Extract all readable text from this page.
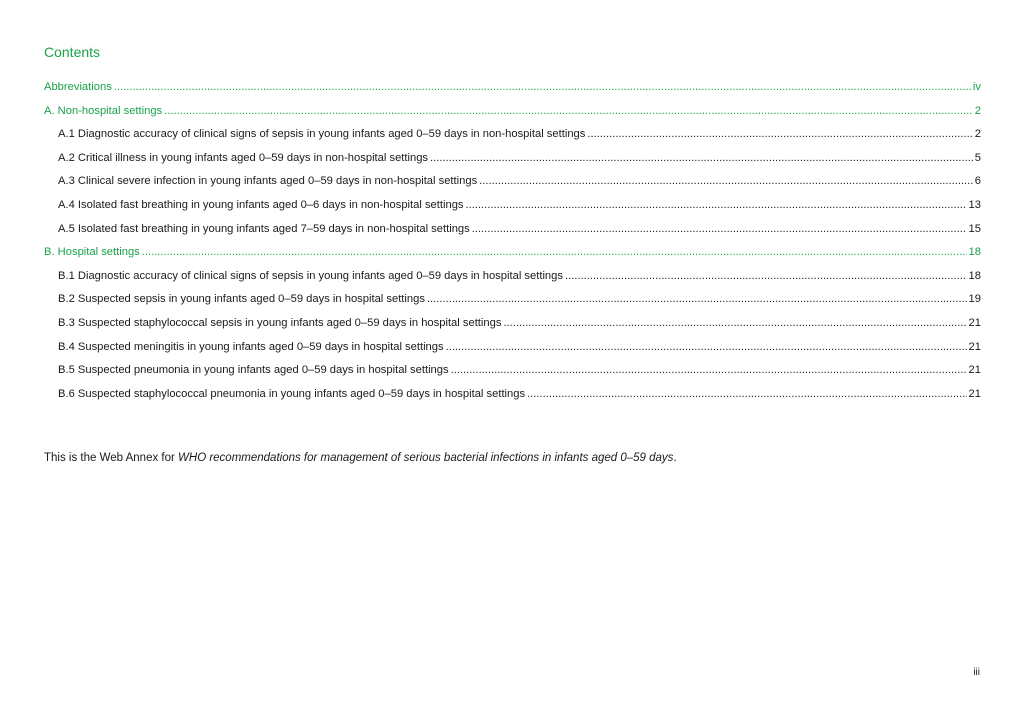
Contents
Abbreviations .....	iv
A. Non-hospital settings .....	2
A.1 Diagnostic accuracy of clinical signs of sepsis in young infants aged 0–59 days in non-hospital settings .....	2
A.2 Critical illness in young infants aged 0–59 days in non-hospital settings .....	5
A.3 Clinical severe infection in young infants aged 0–59 days in non-hospital settings .....	6
A.4 Isolated fast breathing in young infants aged 0–6 days in non-hospital settings .....	13
A.5 Isolated fast breathing in young infants aged 7–59 days in non-hospital settings .....	15
B. Hospital settings .....	18
B.1 Diagnostic accuracy of clinical signs of sepsis in young infants aged 0–59 days in hospital settings .....	18
B.2 Suspected sepsis in young infants aged 0–59 days in hospital settings .....	19
B.3 Suspected staphylococcal sepsis in young infants aged 0–59 days in hospital settings .....	21
B.4 Suspected meningitis in young infants aged 0–59 days in hospital settings .....	21
B.5 Suspected pneumonia in young infants aged 0–59 days in hospital settings .....	21
B.6 Suspected staphylococcal pneumonia in young infants aged 0–59 days in hospital settings .....	21

This is the Web Annex for WHO recommendations for management of serious bacterial infections in infants aged 0–59 days.

iii
